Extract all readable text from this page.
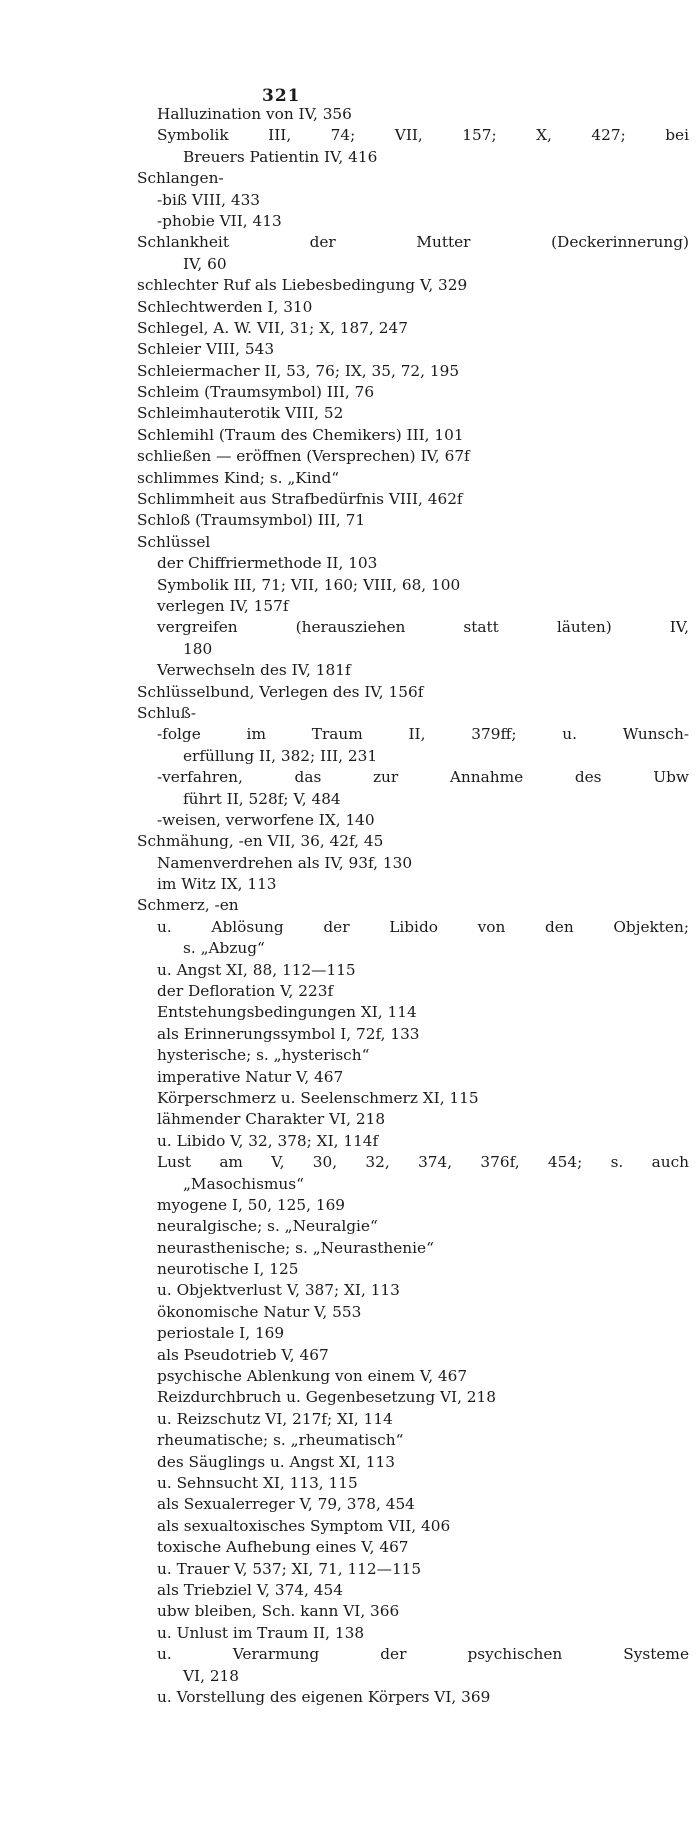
321
Halluzination von IV, 356
Symbolik III, 74; VII, 157; X, 427; bei
Breuers Patientin IV, 416
Schlangen-
-biß VIII, 433
-phobie VII, 413
Schlankheit der Mutter (Deckerinnerung)
IV, 60
schlechter Ruf als Liebesbedingung V, 329
Schlechtwerden I, 310
Schlegel, A. W. VII, 31; X, 187, 247
Schleier VIII, 543
Schleiermacher II, 53, 76; IX, 35, 72, 195
Schleim (Traumsymbol) III, 76
Schleimhauterotik VIII, 52
Schlemihl (Traum des Chemikers) III, 101
schließen — eröffnen (Versprechen) IV, 67f
schlimmes Kind; s. „Kind“
Schlimmheit aus Strafbedürfnis VIII, 462f
Schloß (Traumsymbol) III, 71
Schlüssel
der Chiffriermethode II, 103
Symbolik III, 71; VII, 160; VIII, 68, 100
verlegen IV, 157f
vergreifen (herausziehen statt läuten) IV,
180
Verwechseln des IV, 181f
Schlüsselbund, Verlegen des IV, 156f
Schluß-
-folge im Traum II, 379ff; u. Wunsch-
erfüllung II, 382; III, 231
-verfahren, das zur Annahme des Ubw
führt II, 528f; V, 484
-weisen, verworfene IX, 140
Schmähung, -en VII, 36, 42f, 45
Namenverdrehen als IV, 93f, 130
im Witz IX, 113
Schmerz, -en
u. Ablösung der Libido von den Objekten;
s. „Abzug“
u. Angst XI, 88, 112—115
der Defloration V, 223f
Entstehungsbedingungen XI, 114
als Erinnerungssymbol I, 72f, 133
hysterische; s. „hysterisch“
imperative Natur V, 467
Körperschmerz u. Seelenschmerz XI, 115
lähmender Charakter VI, 218
u. Libido V, 32, 378; XI, 114f
Lust am V, 30, 32, 374, 376f, 454; s. auch
„Masochismus“
myogene I, 50, 125, 169
neuralgische; s. „Neuralgie“
neurasthenische; s. „Neurasthenie“
neurotische I, 125
u. Objektverlust V, 387; XI, 113
ökonomische Natur V, 553
periostale I, 169
als Pseudotrieb V, 467
psychische Ablenkung von einem V, 467
Reizdurchbruch u. Gegenbesetzung VI, 218
u. Reizschutz VI, 217f; XI, 114
rheumatische; s. „rheumatisch“
des Säuglings u. Angst XI, 113
u. Sehnsucht XI, 113, 115
als Sexualerreger V, 79, 378, 454
als sexualtoxisches Symptom VII, 406
toxische Aufhebung eines V, 467
u. Trauer V, 537; XI, 71, 112—115
als Triebziel V, 374, 454
ubw bleiben, Sch. kann VI, 366
u. Unlust im Traum II, 138
u. Verarmung der psychischen Systeme
VI, 218
u. Vorstellung des eigenen Körpers VI, 369
